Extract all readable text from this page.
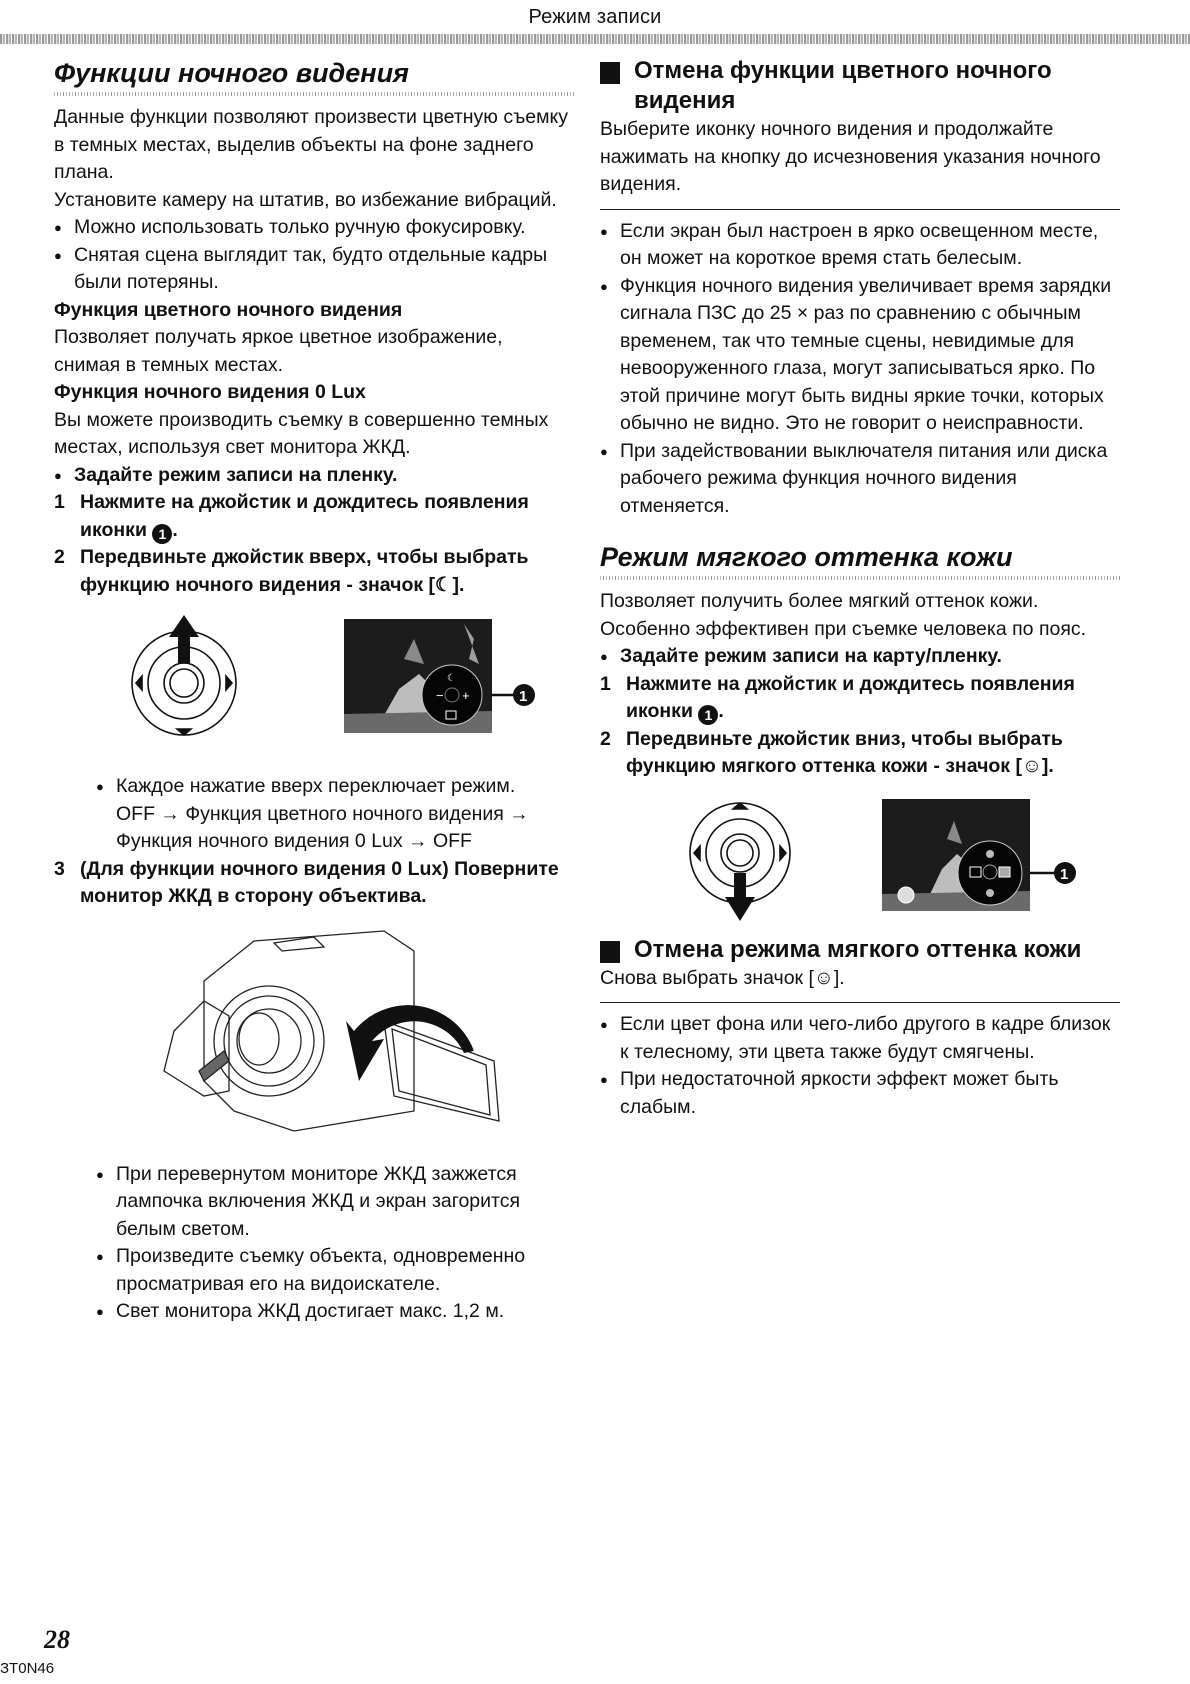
Режим записи
Функции ночного видения

Данные функции позволяют произвести цветную съемку в темных местах, выделив объекты на фоне заднего плана.

Установите камеру на штатив, во избежание вибраций.

● Можно использовать только ручную фокусировку.

● Снятая сцена выглядит так, будто отдельные кадры были потеряны.

Функция цветного ночного видения

Позволяет получать яркое цветное изображение, снимая в темных местах.

Функция ночного видения 0 Lux

Вы можете производить съемку в совершенно темных местах, используя свет монитора ЖКД.

● Задайте режим записи на пленку.

1 Нажмите на джойстик и дождитесь появления иконки 1 .

2 Передвиньте джойстик вверх, чтобы выбрать функцию ночного видения - значок [☾].

− +
☾
1

● Каждое нажатие вверх переключает режим.

OFF → Функция цветного ночного видения → Функция ночного видения 0 Lux → OFF

3 (Для функции ночного видения 0 Lux) Поверните монитор ЖКД в сторону объектива.

● При перевернутом мониторе ЖКД зажжется лампочка включения ЖКД и экран загорится белым светом.

● Произведите съемку объекта, одновременно просматривая его на видоискателе.

● Свет монитора ЖКД достигает макс. 1,2 м.

Отмена функции цветного ночного видения

Выберите иконку ночного видения и продолжайте нажимать на кнопку до исчезновения указания ночного видения.

● Если экран был настроен в ярко освещенном месте, он может на короткое время стать белесым.

● Функция ночного видения увеличивает время зарядки сигнала ПЗС до 25 × раз по сравнению с обычным временем, так что темные сцены, невидимые для невооруженного глаза, могут записываться ярко. По этой причине могут быть видны яркие точки, которых обычно не видно. Это не говорит о неисправности.

● При задействовании выключателя питания или диска рабочего режима функция ночного видения отменяется.

Режим мягкого оттенка кожи

Позволяет получить более мягкий оттенок кожи. Особенно эффективен при съемке человека по пояс.

● Задайте режим записи на карту/пленку.

1 Нажмите на джойстик и дождитесь появления иконки 1 .

2 Передвиньте джойстик вниз, чтобы выбрать функцию мягкого оттенка кожи - значок [☺].

1

Отмена режима мягкого оттенка кожи

Снова выбрать значок [☺].

● Если цвет фона или чего-либо другого в кадре близок к телесному, эти цвета также будут смягчены.

● При недостаточной яркости эффект может быть слабым.

28
ЗT0N46
